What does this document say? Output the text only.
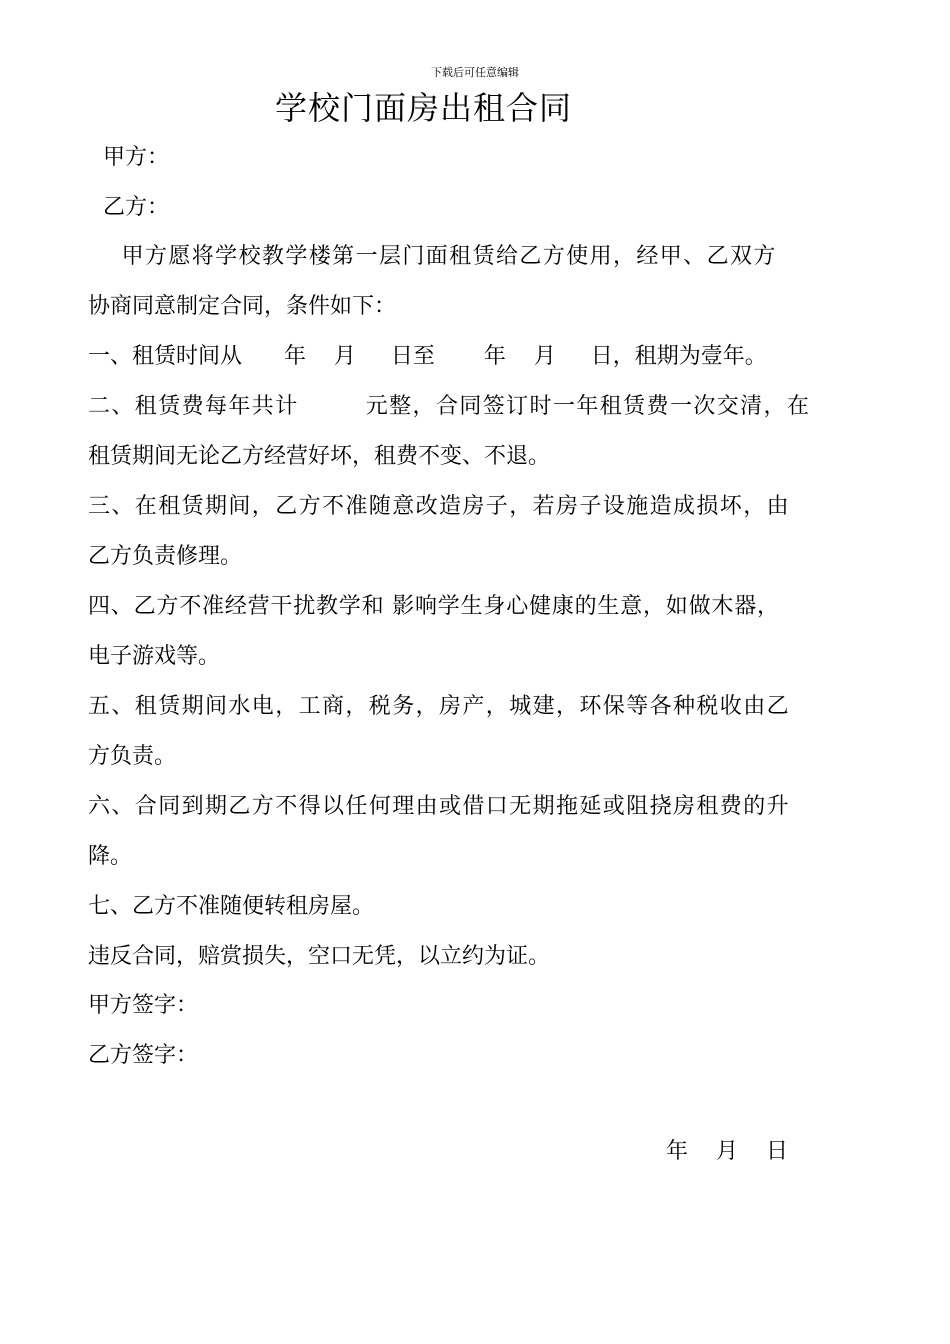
下载后可任意编辑
学校门面房出租合同
甲方：
乙方：
甲方愿将学校教学楼第一层门面租赁给乙方使用，经甲、乙双方
协商同意制定合同，条件如下：
一、租赁时间从      年    月     日至       年    月     日，租期为壹年。
二、租赁费每年共计        元整，合同签订时一年租赁费一次交清，在
租赁期间无论乙方经营好坏，租费不变、不退。
三、在租赁期间，乙方不准随意改造房子，若房子设施造成损坏，由
乙方负责修理。
四、乙方不准经营干扰教学和 影响学生身心健康的生意，如做木器，
电子游戏等。
五、租赁期间水电，工商，税务，房产，城建，环保等各种税收由乙
方负责。
六、合同到期乙方不得以任何理由或借口无期拖延或阻挠房租费的升
降。
七、乙方不准随便转租房屋。
违反合同，赔赏损失，空口无凭，以立约为证。
甲方签字：
乙方签字：
年    月    日
